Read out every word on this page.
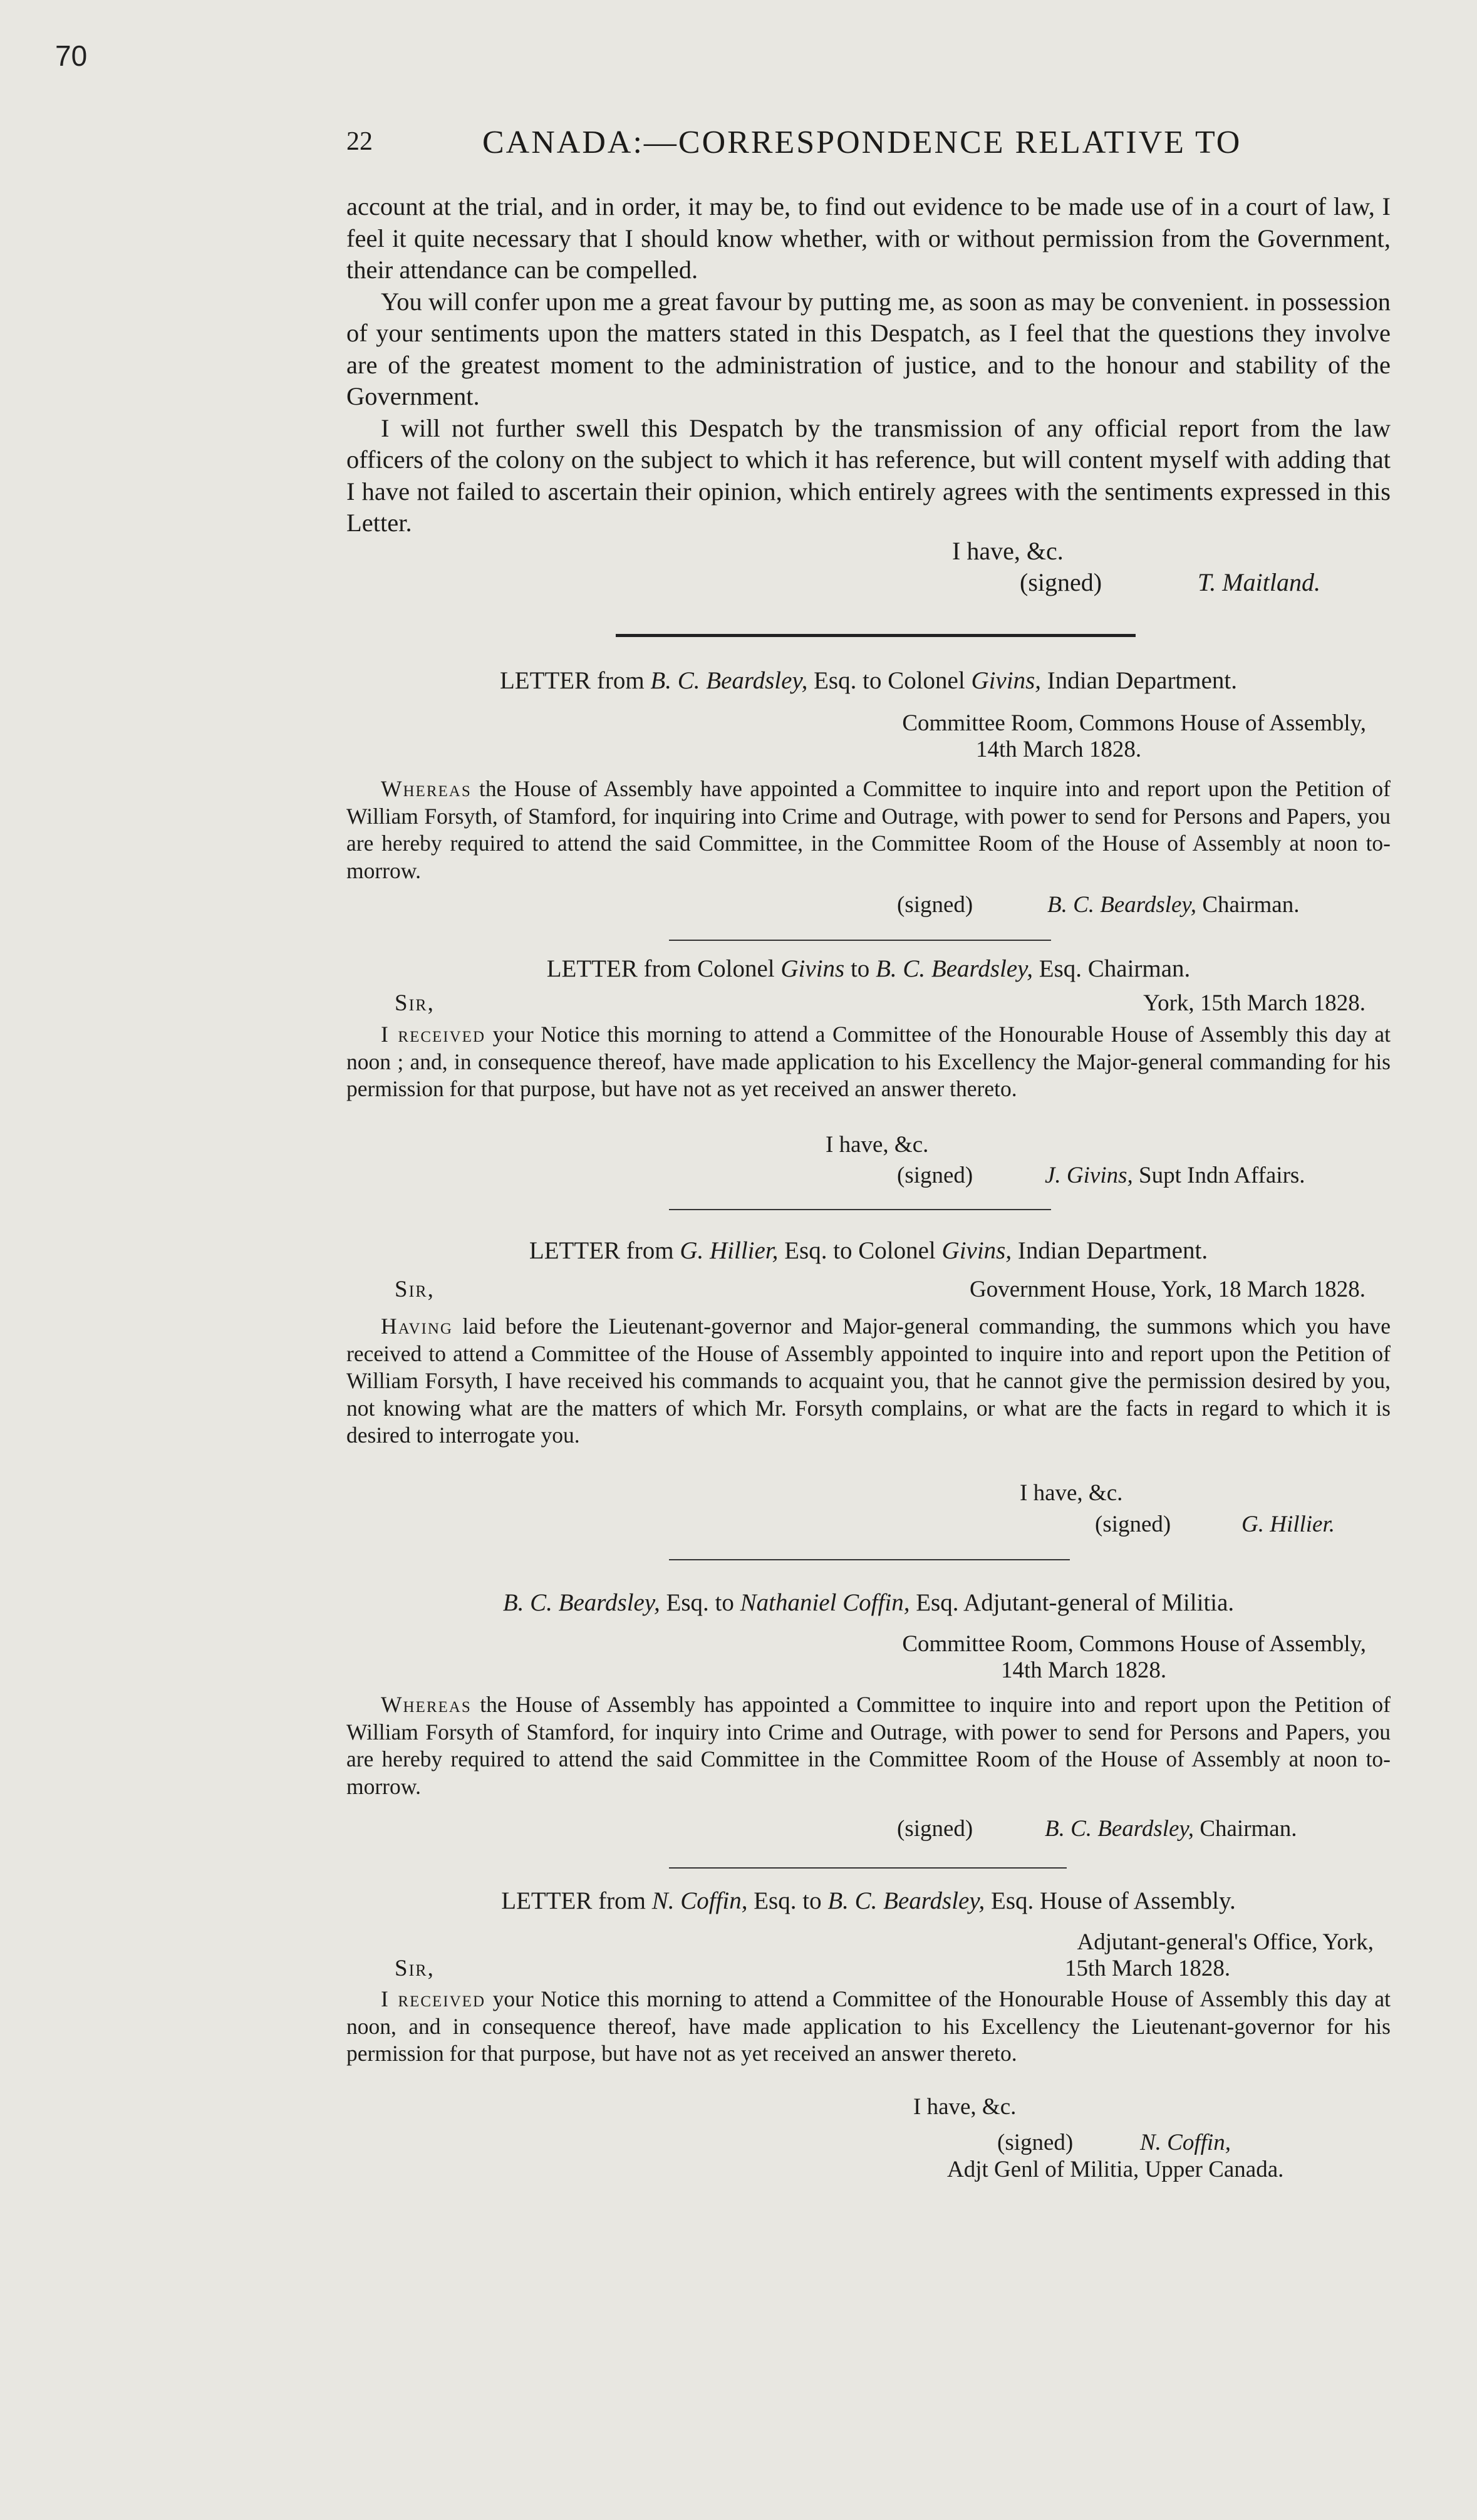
70
22	CANADA:—CORRESPONDENCE RELATIVE TO

account at the trial, and in order, it may be, to find out evidence to be made use of in a court of law, I feel it quite necessary that I should know whether, with or without permission from the Government, their attendance can be compelled.

You will confer upon me a great favour by putting me, as soon as may be convenient. in possession of your sentiments upon the matters stated in this Despatch, as I feel that the questions they involve are of the greatest moment to the administration of justice, and to the honour and stability of the Government.

I will not further swell this Despatch by the transmission of any official report from the law officers of the colony on the subject to which it has reference, but will content myself with adding that I have not failed to ascertain their opinion, which entirely agrees with the sentiments expressed in this Letter.

I have, &c.
(signed)	T. Maitland.
LETTER from B. C. Beardsley, Esq. to Colonel Givins, Indian Department.
Committee Room, Commons House of Assembly,
14th March 1828.

Whereas the House of Assembly have appointed a Committee to inquire into and report upon the Petition of William Forsyth, of Stamford, for inquiring into Crime and Outrage, with power to send for Persons and Papers, you are hereby required to attend the said Committee, in the Committee Room of the House of Assembly at noon to-morrow.

(signed)	B. C. Beardsley, Chairman.
LETTER from Colonel Givins to B. C. Beardsley, Esq. Chairman.
Sir,	York, 15th March 1828.

I received your Notice this morning to attend a Committee of the Honourable House of Assembly this day at noon ; and, in consequence thereof, have made application to his Excellency the Major-general commanding for his permission for that purpose, but have not as yet received an answer thereto.

I have, &c.
(signed)	J. Givins, Supt Indn Affairs.
LETTER from G. Hillier, Esq. to Colonel Givins, Indian Department.
Sir,	Government House, York, 18 March 1828.

Having laid before the Lieutenant-governor and Major-general commanding, the summons which you have received to attend a Committee of the House of Assembly appointed to inquire into and report upon the Petition of William Forsyth, I have received his commands to acquaint you, that he cannot give the permission desired by you, not knowing what are the matters of which Mr. Forsyth complains, or what are the facts in regard to which it is desired to interrogate you.

I have, &c.
(signed)	G. Hillier.
B. C. Beardsley, Esq. to Nathaniel Coffin, Esq. Adjutant-general of Militia.
Committee Room, Commons House of Assembly,
14th March 1828.

Whereas the House of Assembly has appointed a Committee to inquire into and report upon the Petition of William Forsyth of Stamford, for inquiry into Crime and Outrage, with power to send for Persons and Papers, you are hereby required to attend the said Committee in the Committee Room of the House of Assembly at noon to-morrow.

(signed)	B. C. Beardsley, Chairman.
LETTER from N. Coffin, Esq. to B. C. Beardsley, Esq. House of Assembly.
Adjutant-general's Office, York,
Sir,	15th March 1828.

I received your Notice this morning to attend a Committee of the Honourable House of Assembly this day at noon, and in consequence thereof, have made application to his Excellency the Lieutenant-governor for his permission for that purpose, but have not as yet received an answer thereto.

I have, &c.
(signed)	N. Coffin,
Adjt Genl of Militia, Upper Canada.
